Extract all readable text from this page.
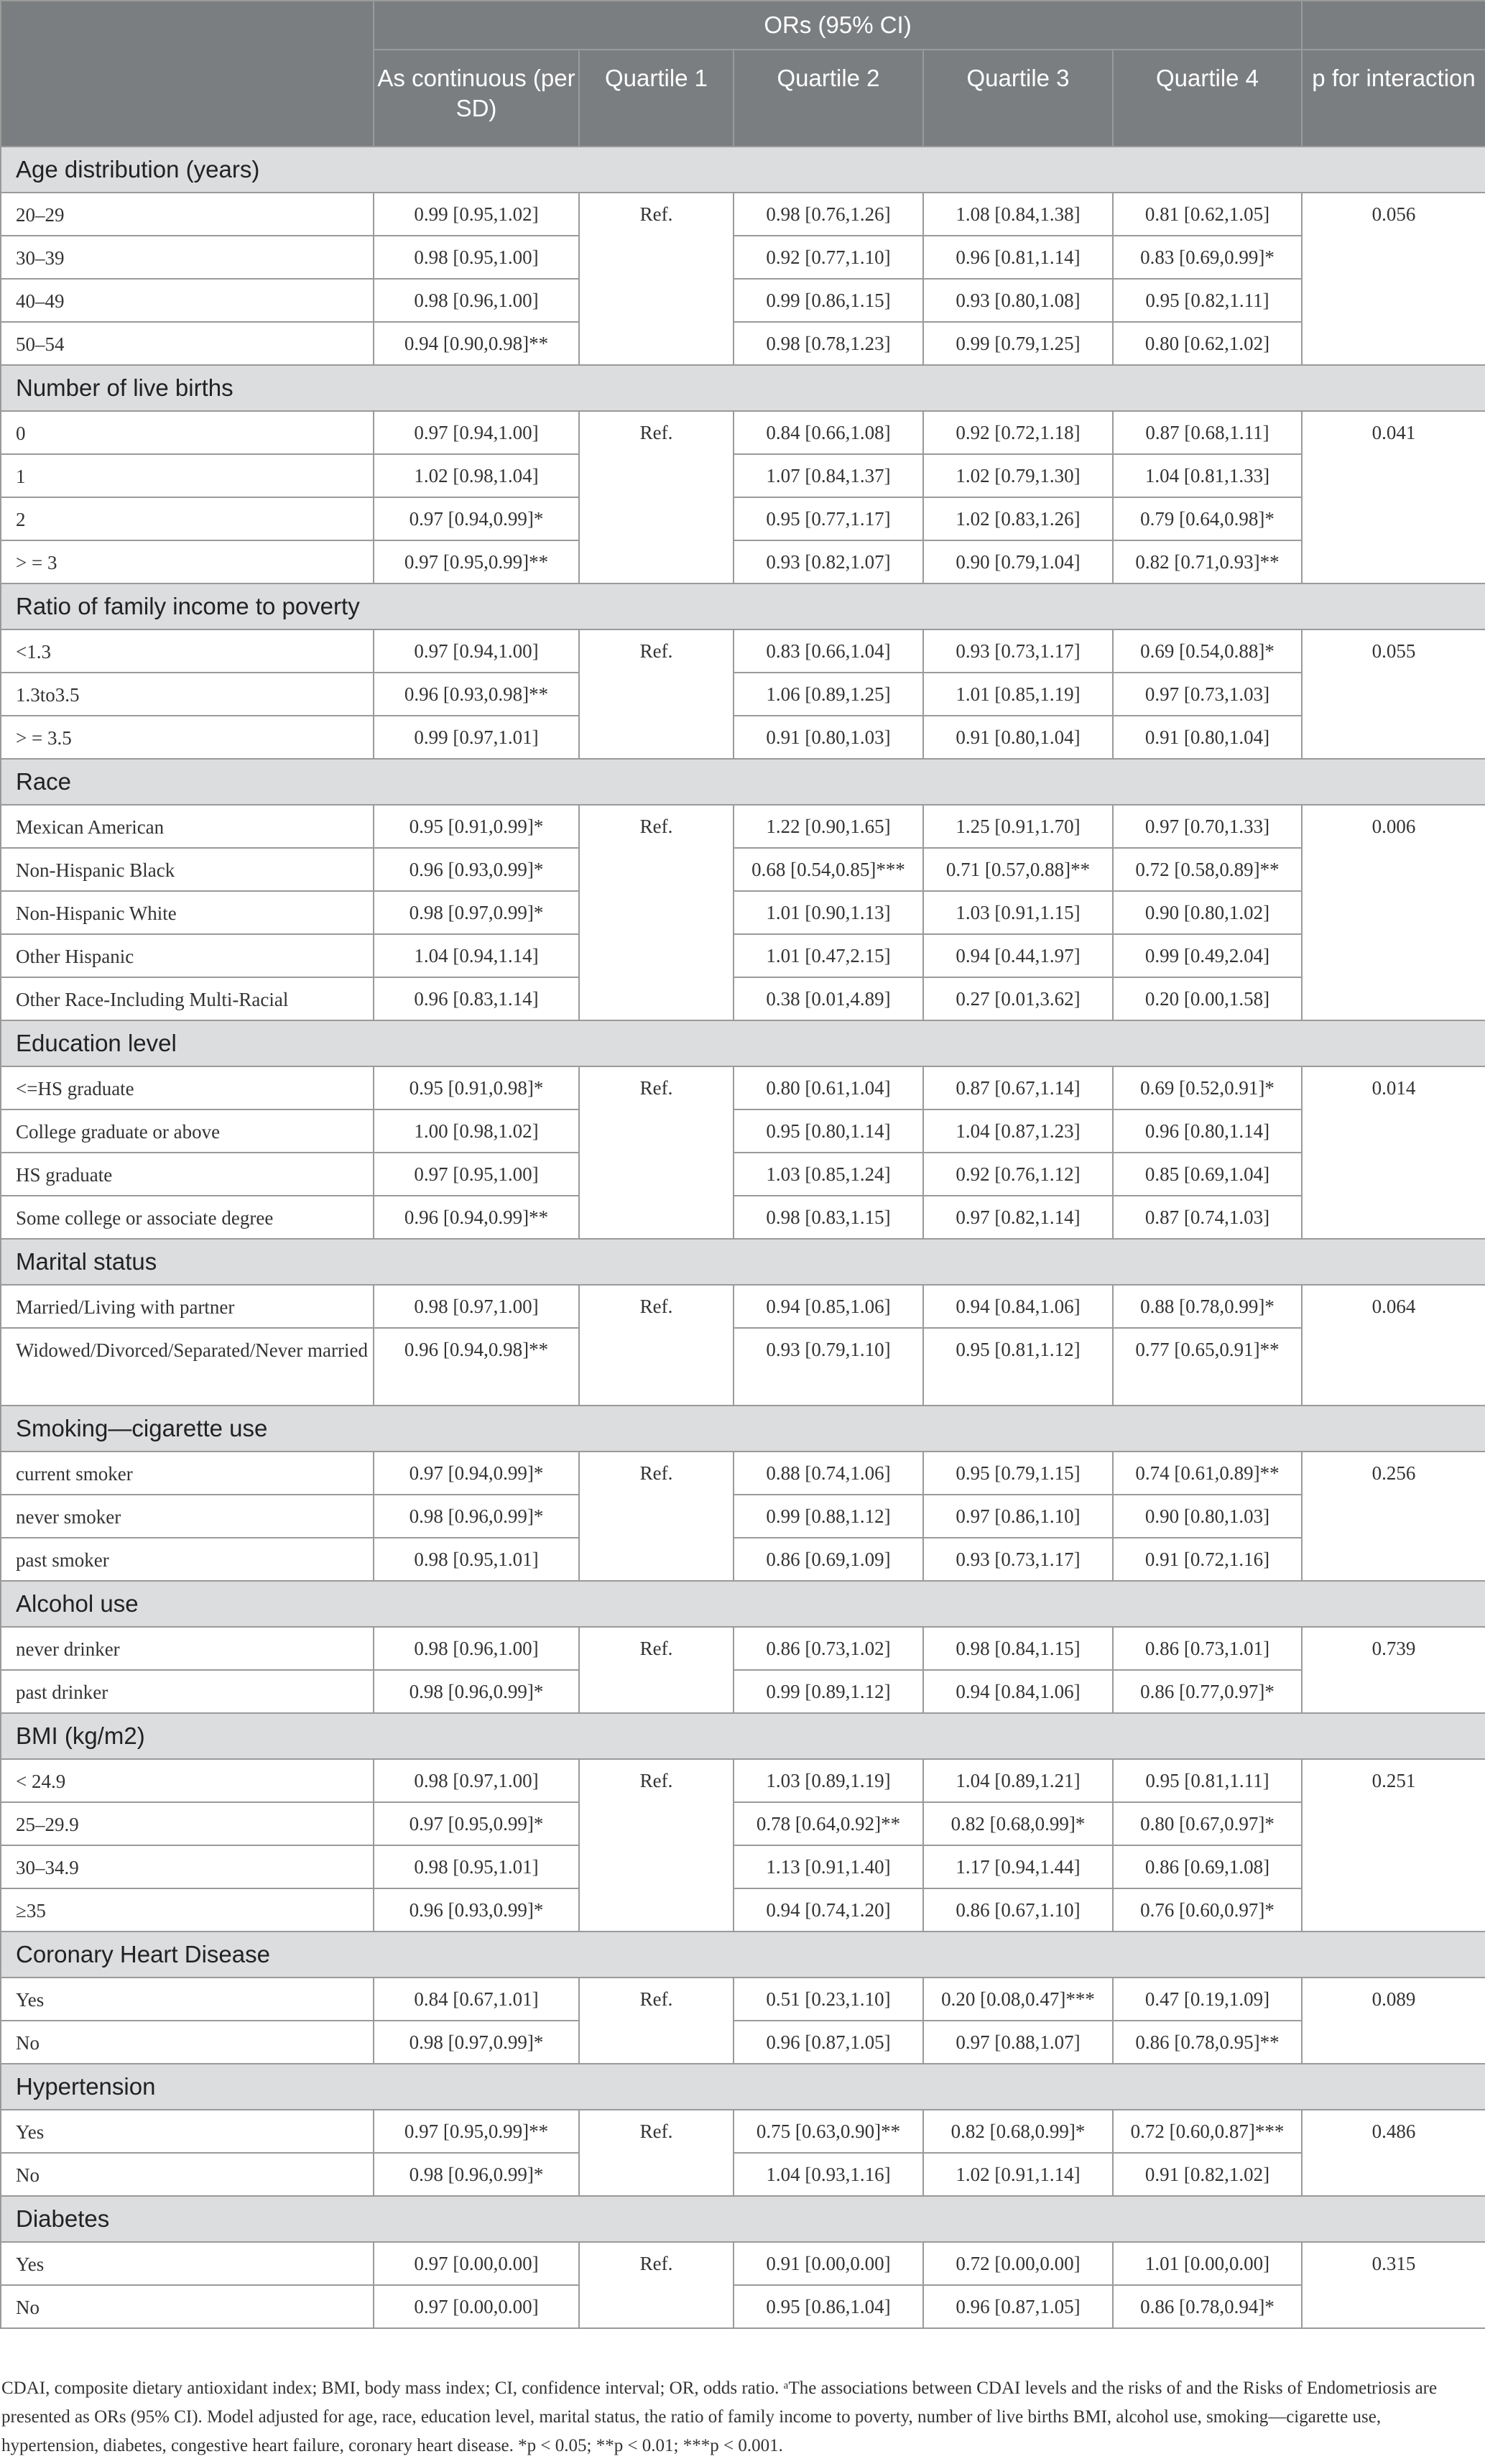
	ORs (95% CI)					
	As continuous (per SD)	Quartile 1	Quartile 2	Quartile 3	Quartile 4	p for interaction
Age distribution (years)						
20–29	0.99 [0.95,1.02]	Ref.	0.98 [0.76,1.26]	1.08 [0.84,1.38]	0.81 [0.62,1.05]	0.056
30–39	0.98 [0.95,1.00]		0.92 [0.77,1.10]	0.96 [0.81,1.14]	0.83 [0.69,0.99]*	
40–49	0.98 [0.96,1.00]		0.99 [0.86,1.15]	0.93 [0.80,1.08]	0.95 [0.82,1.11]	
50–54	0.94 [0.90,0.98]**		0.98 [0.78,1.23]	0.99 [0.79,1.25]	0.80 [0.62,1.02]	
Number of live births						
0	0.97 [0.94,1.00]	Ref.	0.84 [0.66,1.08]	0.92 [0.72,1.18]	0.87 [0.68,1.11]	0.041
1	1.02 [0.98,1.04]		1.07 [0.84,1.37]	1.02 [0.79,1.30]	1.04 [0.81,1.33]	
2	0.97 [0.94,0.99]*		0.95 [0.77,1.17]	1.02 [0.83,1.26]	0.79 [0.64,0.98]*	
> = 3	0.97 [0.95,0.99]**		0.93 [0.82,1.07]	0.90 [0.79,1.04]	0.82 [0.71,0.93]**	
Ratio of family income to poverty						
<1.3	0.97 [0.94,1.00]	Ref.	0.83 [0.66,1.04]	0.93 [0.73,1.17]	0.69 [0.54,0.88]*	0.055
1.3to3.5	0.96 [0.93,0.98]**		1.06 [0.89,1.25]	1.01 [0.85,1.19]	0.97 [0.73,1.03]	
> = 3.5	0.99 [0.97,1.01]		0.91 [0.80,1.03]	0.91 [0.80,1.04]	0.91 [0.80,1.04]	
Race						
Mexican American	0.95 [0.91,0.99]*	Ref.	1.22 [0.90,1.65]	1.25 [0.91,1.70]	0.97 [0.70,1.33]	0.006
Non-Hispanic Black	0.96 [0.93,0.99]*		0.68 [0.54,0.85]***	0.71 [0.57,0.88]**	0.72 [0.58,0.89]**	
Non-Hispanic White	0.98 [0.97,0.99]*		1.01 [0.90,1.13]	1.03 [0.91,1.15]	0.90 [0.80,1.02]	
Other Hispanic	1.04 [0.94,1.14]		1.01 [0.47,2.15]	0.94 [0.44,1.97]	0.99 [0.49,2.04]	
Other Race-Including Multi-Racial	0.96 [0.83,1.14]		0.38 [0.01,4.89]	0.27 [0.01,3.62]	0.20 [0.00,1.58]	
Education level						
<=HS graduate	0.95 [0.91,0.98]*	Ref.	0.80 [0.61,1.04]	0.87 [0.67,1.14]	0.69 [0.52,0.91]*	0.014
College graduate or above	1.00 [0.98,1.02]		0.95 [0.80,1.14]	1.04 [0.87,1.23]	0.96 [0.80,1.14]	
HS graduate	0.97 [0.95,1.00]		1.03 [0.85,1.24]	0.92 [0.76,1.12]	0.85 [0.69,1.04]	
Some college or associate degree	0.96 [0.94,0.99]**		0.98 [0.83,1.15]	0.97 [0.82,1.14]	0.87 [0.74,1.03]	
Marital status						
Married/Living with partner	0.98 [0.97,1.00]	Ref.	0.94 [0.85,1.06]	0.94 [0.84,1.06]	0.88 [0.78,0.99]*	0.064
Widowed/Divorced/Separated/Never married	0.96 [0.94,0.98]**		0.93 [0.79,1.10]	0.95 [0.81,1.12]	0.77 [0.65,0.91]**	
Smoking—cigarette use						
current smoker	0.97 [0.94,0.99]*	Ref.	0.88 [0.74,1.06]	0.95 [0.79,1.15]	0.74 [0.61,0.89]**	0.256
never smoker	0.98 [0.96,0.99]*		0.99 [0.88,1.12]	0.97 [0.86,1.10]	0.90 [0.80,1.03]	
past smoker	0.98 [0.95,1.01]		0.86 [0.69,1.09]	0.93 [0.73,1.17]	0.91 [0.72,1.16]	
Alcohol use						
never drinker	0.98 [0.96,1.00]	Ref.	0.86 [0.73,1.02]	0.98 [0.84,1.15]	0.86 [0.73,1.01]	0.739
past drinker	0.98 [0.96,0.99]*		0.99 [0.89,1.12]	0.94 [0.84,1.06]	0.86 [0.77,0.97]*	
BMI (kg/m2)						
< 24.9	0.98 [0.97,1.00]	Ref.	1.03 [0.89,1.19]	1.04 [0.89,1.21]	0.95 [0.81,1.11]	0.251
25–29.9	0.97 [0.95,0.99]*		0.78 [0.64,0.92]**	0.82 [0.68,0.99]*	0.80 [0.67,0.97]*	
30–34.9	0.98 [0.95,1.01]		1.13 [0.91,1.40]	1.17 [0.94,1.44]	0.86 [0.69,1.08]	
≥35	0.96 [0.93,0.99]*		0.94 [0.74,1.20]	0.86 [0.67,1.10]	0.76 [0.60,0.97]*	
Coronary Heart Disease						
Yes	0.84 [0.67,1.01]	Ref.	0.51 [0.23,1.10]	0.20 [0.08,0.47]***	0.47 [0.19,1.09]	0.089
No	0.98 [0.97,0.99]*		0.96 [0.87,1.05]	0.97 [0.88,1.07]	0.86 [0.78,0.95]**	
Hypertension						
Yes	0.97 [0.95,0.99]**	Ref.	0.75 [0.63,0.90]**	0.82 [0.68,0.99]*	0.72 [0.60,0.87]***	0.486
No	0.98 [0.96,0.99]*		1.04 [0.93,1.16]	1.02 [0.91,1.14]	0.91 [0.82,1.02]	
Diabetes						
Yes	0.97 [0.00,0.00]	Ref.	0.91 [0.00,0.00]	0.72 [0.00,0.00]	1.01 [0.00,0.00]	0.315
No	0.97 [0.00,0.00]		0.95 [0.86,1.04]	0.96 [0.87,1.05]	0.86 [0.78,0.94]*	
CDAI, composite dietary antioxidant index; BMI, body mass index; CI, confidence interval; OR, odds ratio. ᵃThe associations between CDAI levels and the risks of and the Risks of Endometriosis are presented as ORs (95% CI). Model adjusted for age, race, education level, marital status, the ratio of family income to poverty, number of live births BMI, alcohol use, smoking—cigarette use, hypertension, diabetes, congestive heart failure, coronary heart disease. *p < 0.05; **p < 0.01; ***p < 0.001.
